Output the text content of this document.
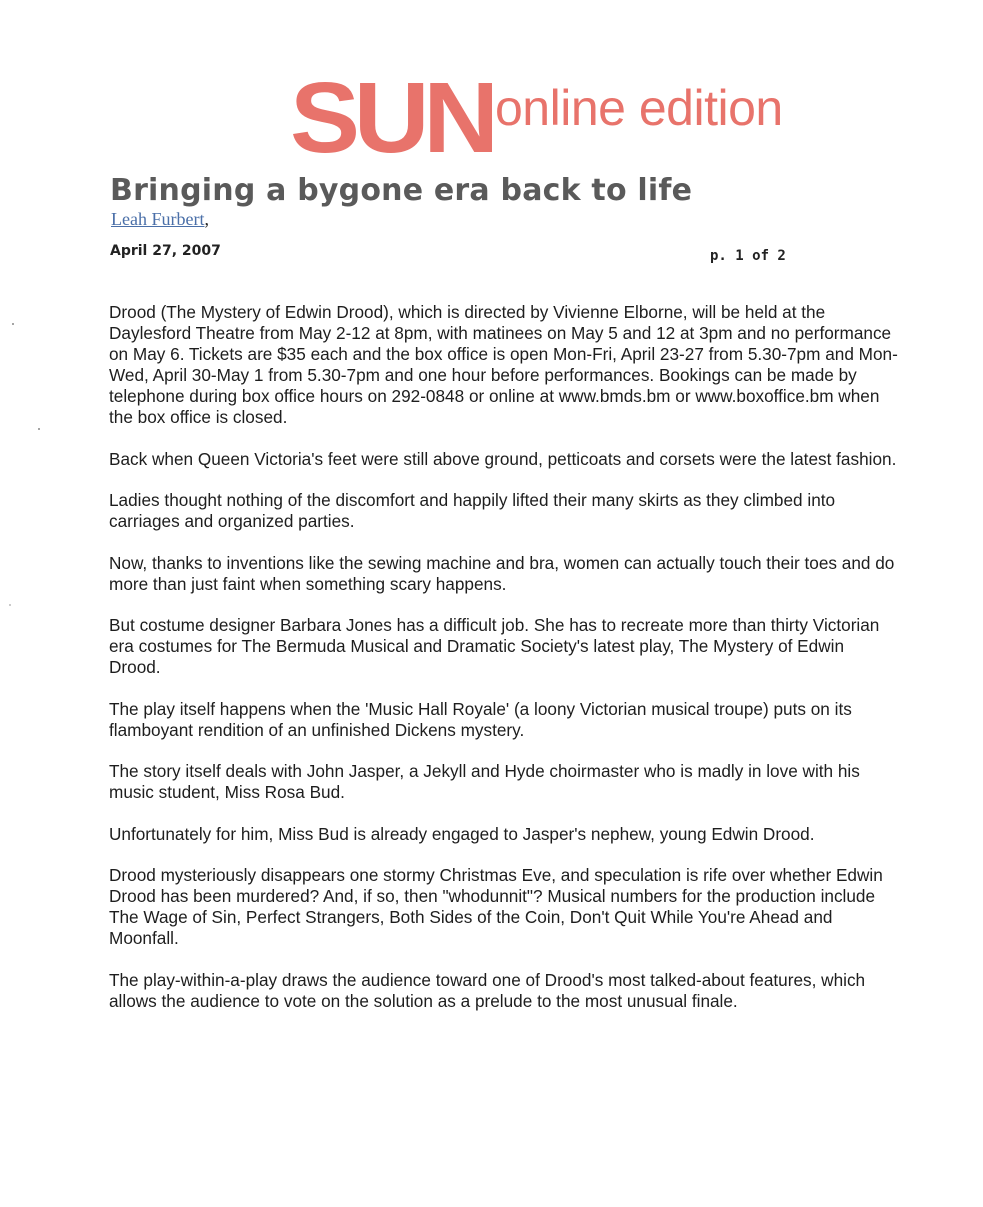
SUN online edition
Bringing a bygone era back to life
Leah Furbert,
April 27, 2007	p. 1 of 2

Drood (The Mystery of Edwin Drood), which is directed by Vivienne Elborne, will be held at the Daylesford Theatre from May 2-12 at 8pm, with matinees on May 5 and 12 at 3pm and no performance on May 6. Tickets are $35 each and the box office is open Mon-Fri, April 23-27 from 5.30-7pm and Mon-Wed, April 30-May 1 from 5.30-7pm and one hour before performances. Bookings can be made by telephone during box office hours on 292-0848 or online at www.bmds.bm or www.boxoffice.bm when the box office is closed.

Back when Queen Victoria's feet were still above ground, petticoats and corsets were the latest fashion.

Ladies thought nothing of the discomfort and happily lifted their many skirts as they climbed into carriages and organized parties.

Now, thanks to inventions like the sewing machine and bra, women can actually touch their toes and do more than just faint when something scary happens.

But costume designer Barbara Jones has a difficult job. She has to recreate more than thirty Victorian era costumes for The Bermuda Musical and Dramatic Society's latest play, The Mystery of Edwin Drood.

The play itself happens when the 'Music Hall Royale' (a loony Victorian musical troupe) puts on its flamboyant rendition of an unfinished Dickens mystery.

The story itself deals with John Jasper, a Jekyll and Hyde choirmaster who is madly in love with his music student, Miss Rosa Bud.

Unfortunately for him, Miss Bud is already engaged to Jasper's nephew, young Edwin Drood.

Drood mysteriously disappears one stormy Christmas Eve, and speculation is rife over whether Edwin Drood has been murdered? And, if so, then "whodunnit"? Musical numbers for the production include The Wage of Sin, Perfect Strangers, Both Sides of the Coin, Don't Quit While You're Ahead and Moonfall.

The play-within-a-play draws the audience toward one of Drood's most talked-about features, which allows the audience to vote on the solution as a prelude to the most unusual finale.
